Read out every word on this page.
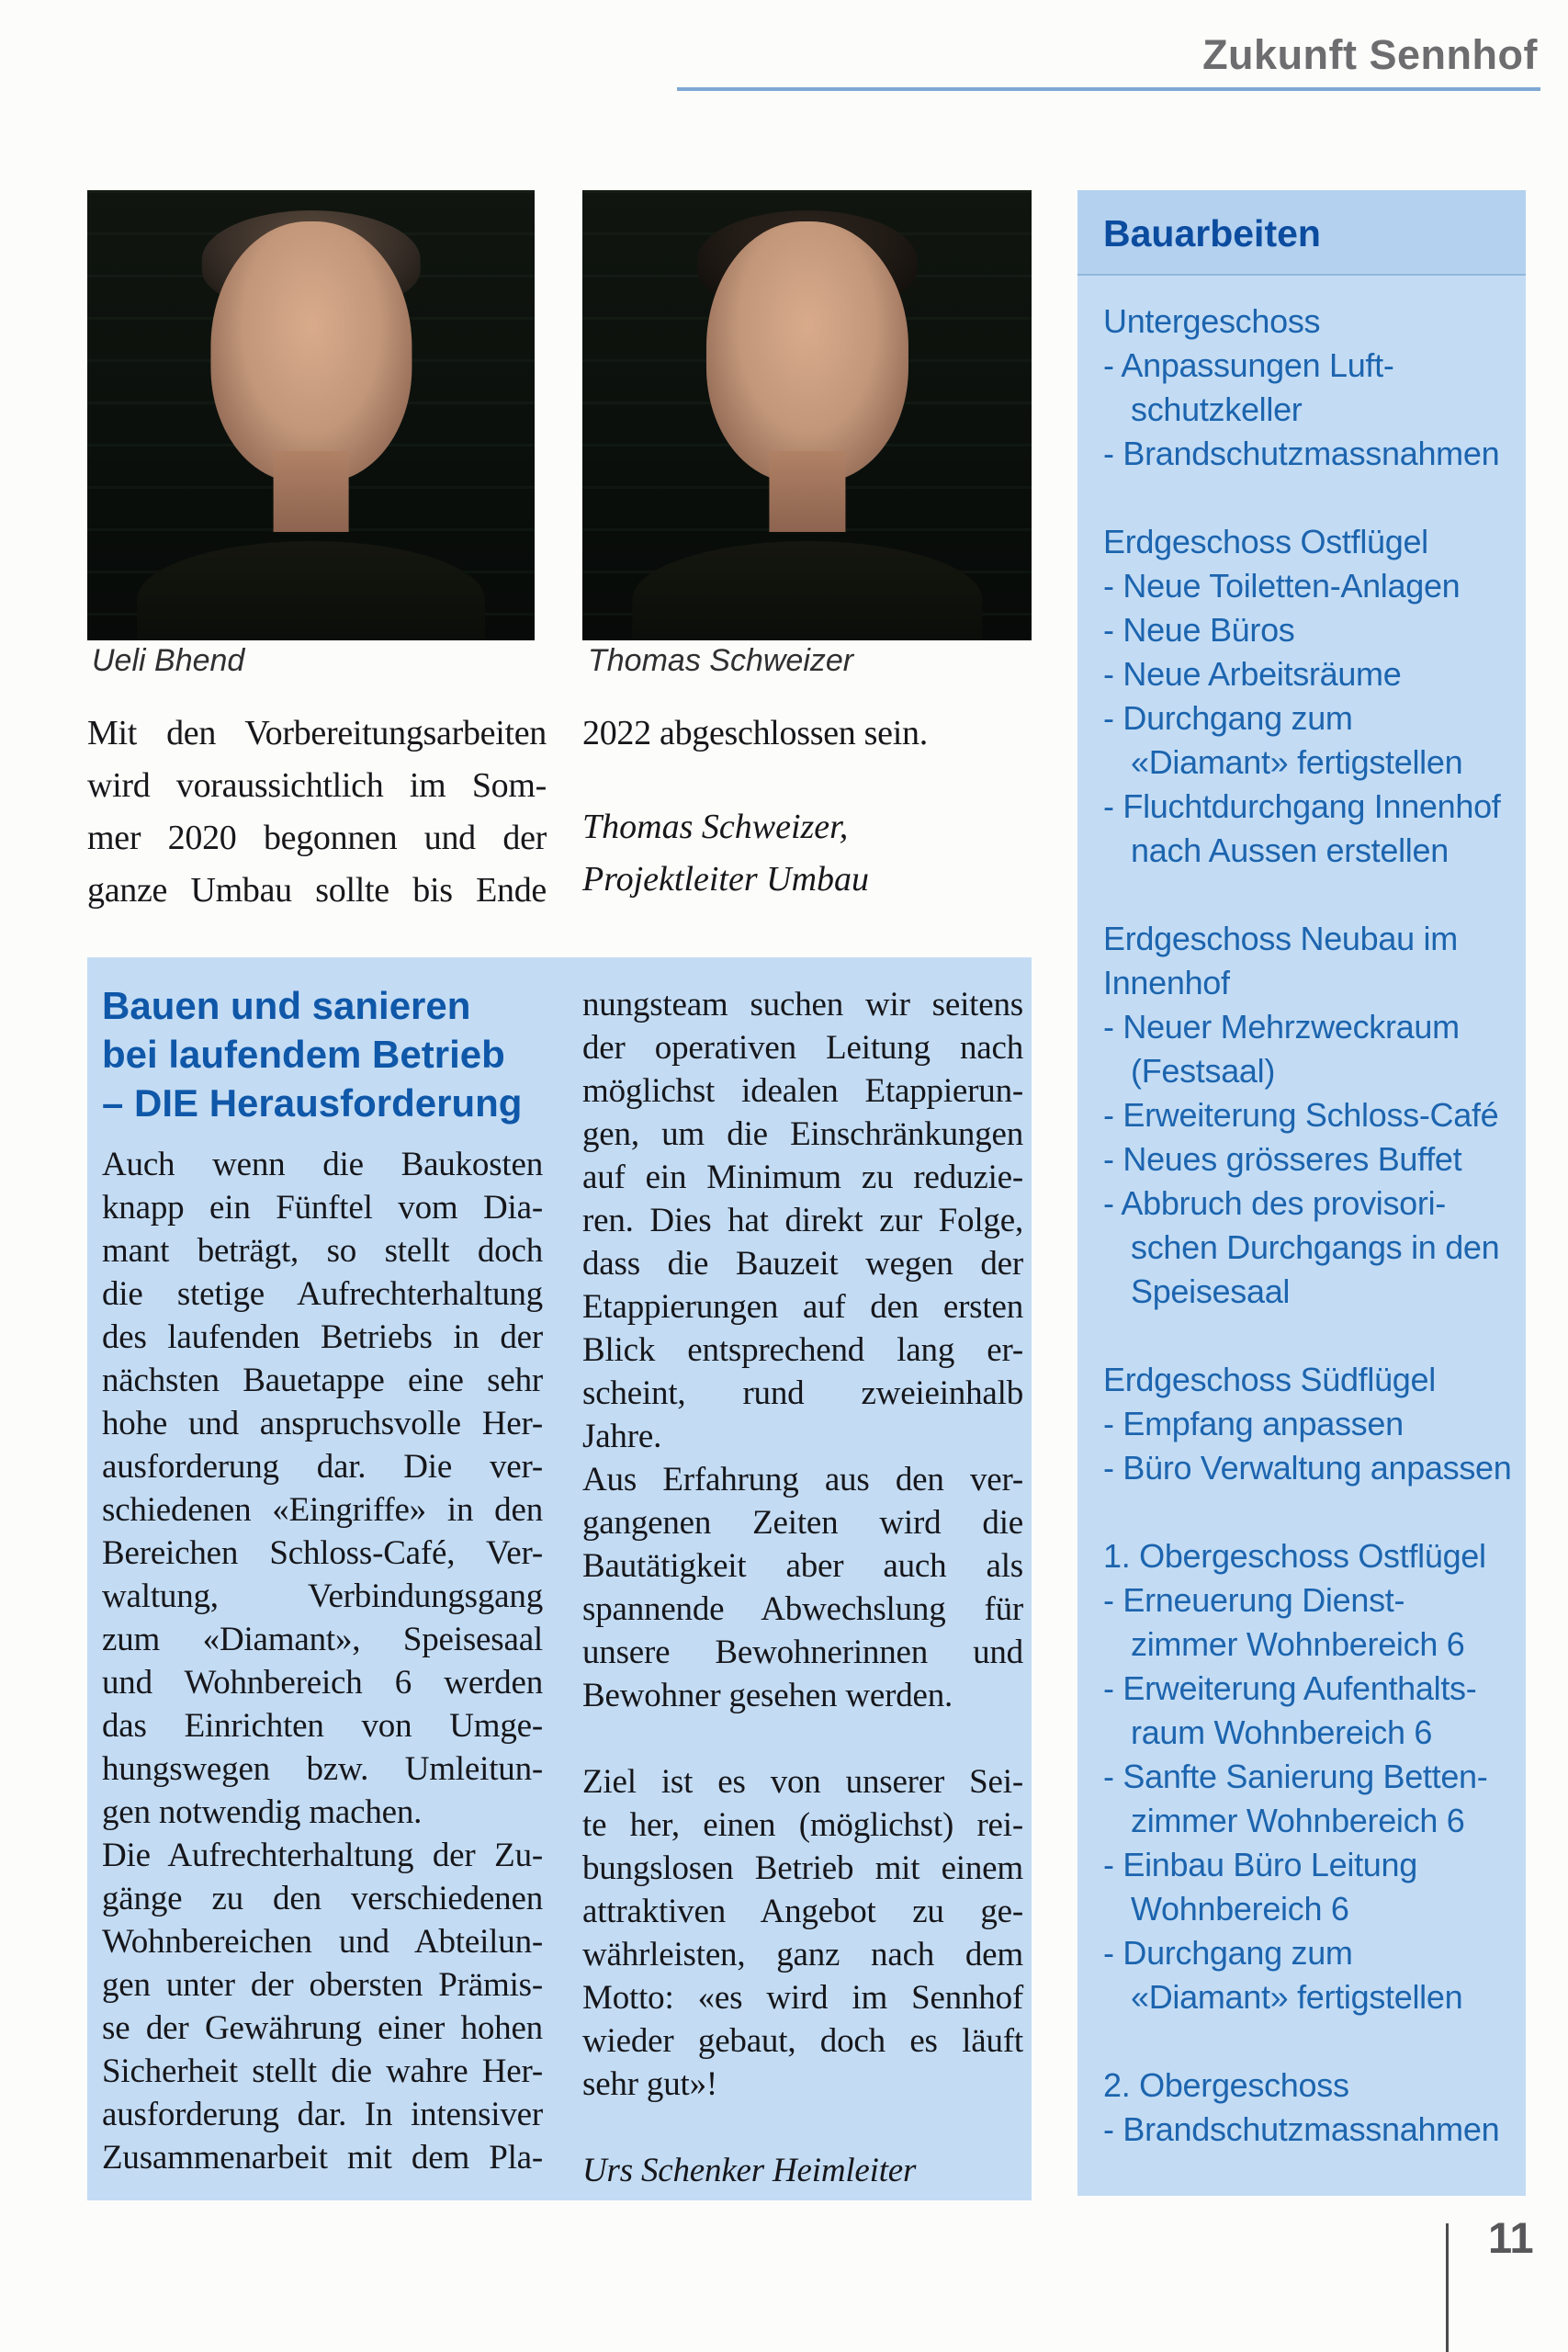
Zukunft Sennhof
Ueli Bhend	Thomas Schweizer
Mit den Vorbereitungsarbeiten
wird voraussichtlich im Som-
mer 2020 begonnen und der
ganze Umbau sollte bis Ende
2022 abgeschlossen sein.
Thomas Schweizer,
Projektleiter Umbau
Bauen und sanieren
bei laufendem Betrieb
– DIE Herausforderung
Auch wenn die Baukosten
knapp ein Fünftel vom Dia-
mant beträgt, so stellt doch
die stetige Aufrechterhaltung
des laufenden Betriebs in der
nächsten Bauetappe eine sehr
hohe und anspruchsvolle Her-
ausforderung dar. Die ver-
schiedenen «Eingriffe» in den
Bereichen Schloss-Café, Ver-
waltung, Verbindungsgang
zum «Diamant», Speisesaal
und Wohnbereich 6 werden
das Einrichten von Umge-
hungswegen bzw. Umleitun-
gen notwendig machen.
Die Aufrechterhaltung der Zu-
gänge zu den verschiedenen
Wohnbereichen und Abteilun-
gen unter der obersten Prämis-
se der Gewährung einer hohen
Sicherheit stellt die wahre Her-
ausforderung dar. In intensiver
Zusammenarbeit mit dem Pla-
nungsteam suchen wir seitens
der operativen Leitung nach
möglichst idealen Etappierun-
gen, um die Einschränkungen
auf ein Minimum zu reduzie-
ren. Dies hat direkt zur Folge,
dass die Bauzeit wegen der
Etappierungen auf den ersten
Blick entsprechend lang er-
scheint, rund zweieinhalb
Jahre.
Aus Erfahrung aus den ver-
gangenen Zeiten wird die
Bautätigkeit aber auch als
spannende Abwechslung für
unsere Bewohnerinnen und
Bewohner gesehen werden.
Ziel ist es von unserer Sei-
te her, einen (möglichst) rei-
bungslosen Betrieb mit einem
attraktiven Angebot zu ge-
währleisten, ganz nach dem
Motto: «es wird im Sennhof
wieder gebaut, doch es läuft
sehr gut»!
Urs Schenker Heimleiter
Bauarbeiten
Untergeschoss
- Anpassungen Luft- schutzkeller
- Brandschutzmassnahmen
Erdgeschoss Ostflügel
- Neue Toiletten-Anlagen
- Neue Büros
- Neue Arbeitsräume
- Durchgang zum «Diamant» fertigstellen
- Fluchtdurchgang Innenhof nach Aussen erstellen
Erdgeschoss Neubau im Innenhof
- Neuer Mehrzweckraum (Festsaal)
- Erweiterung Schloss-Café
- Neues grösseres Buffet
- Abbruch des provisori- schen Durchgangs in den Speisesaal
Erdgeschoss Südflügel
- Empfang anpassen
- Büro Verwaltung anpassen
1. Obergeschoss Ostflügel
- Erneuerung Dienst- zimmer Wohnbereich 6
- Erweiterung Aufenthalts- raum Wohnbereich 6
- Sanfte Sanierung Betten- zimmer Wohnbereich 6
- Einbau Büro Leitung Wohnbereich 6
- Durchgang zum «Diamant» fertigstellen
2. Obergeschoss
- Brandschutzmassnahmen
11
